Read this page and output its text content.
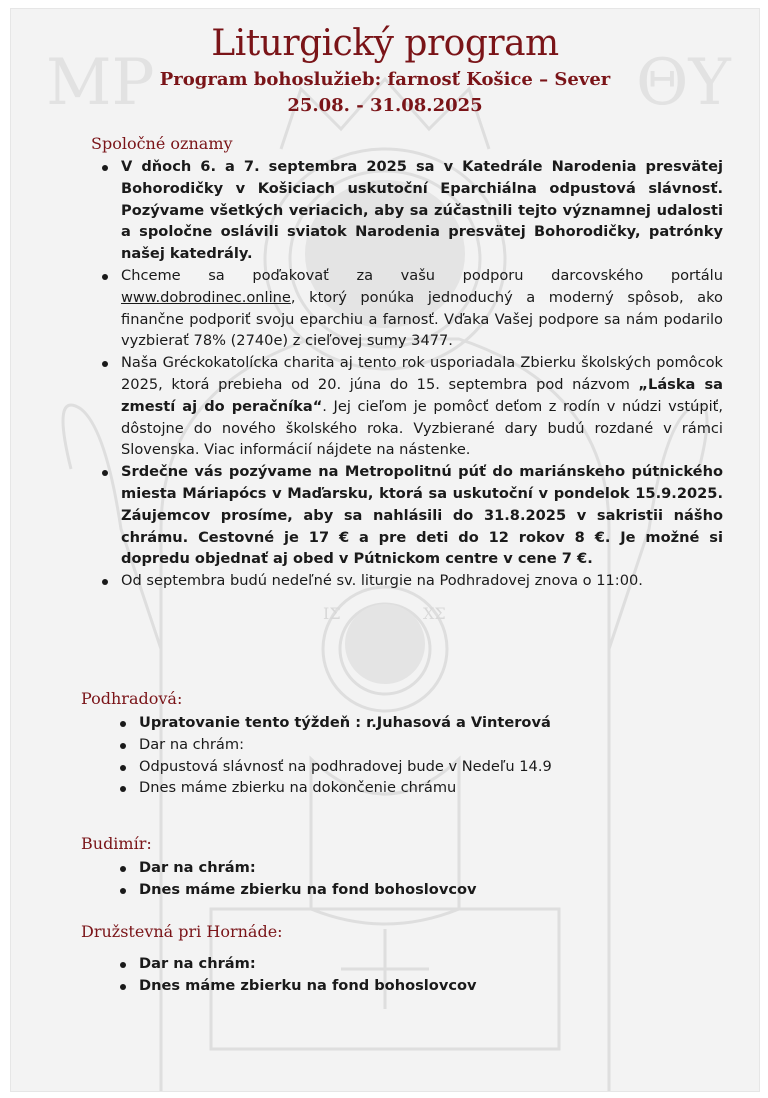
ΜΡ	ΘΥ
ΙΣ	ΧΣ
Liturgický program
Program bohoslužieb: farnosť Košice – Sever
25.08. - 31.08.2025
Spoločné oznamy
V dňoch 6. a 7. septembra 2025 sa v Katedrále Narodenia presvätej Bohorodičky v Košiciach uskutoční Eparchiálna odpustová slávnosť. Pozývame všetkých veriacich, aby sa zúčastnili tejto významnej udalosti a spoločne oslávili sviatok Narodenia presvätej Bohorodičky, patrónky našej katedrály.
Chceme sa poďakovať za vašu podporu darcovského portálu www.dobrodinec.online, ktorý ponúka jednoduchý a moderný spôsob, ako finančne podporiť svoju eparchiu a farnosť. Vďaka Vašej podpore sa nám podarilo vyzbierať 78% (2740e) z cieľovej sumy 3477.
Naša Gréckokatolícka charita aj tento rok usporiadala Zbierku školských pomôcok 2025, ktorá prebieha od 20. júna do 15. septembra pod názvom „Láska sa zmestí aj do peračníka“. Jej cieľom je pomôcť deťom z rodín v núdzi vstúpiť, dôstojne do nového školského roka. Vyzbierané dary budú rozdané v rámci Slovenska. Viac informácií nájdete na nástenke.
Srdečne vás pozývame na Metropolitnú púť do mariánskeho pútnického miesta Máriapócs v Maďarsku, ktorá sa uskutoční v pondelok 15.9.2025. Záujemcov prosíme, aby sa nahlásili do 31.8.2025 v sakristii nášho chrámu. Cestovné je 17 € a pre deti do 12 rokov 8 €. Je možné si dopredu objednať aj obed v Pútnickom centre v cene 7 €.
Od septembra budú nedeľné sv. liturgie na Podhradovej znova o 11:00.
Podhradová:
Upratovanie tento týždeň : r.Juhasová a Vinterová
Dar na chrám:
Odpustová slávnosť na podhradovej bude v Nedeľu 14.9
Dnes máme zbierku na dokončenie chrámu
Budimír:
Dar na chrám:
Dnes máme zbierku na fond bohoslovcov
Družstevná pri Hornáde:
Dar na chrám:
Dnes máme zbierku na fond bohoslovcov
